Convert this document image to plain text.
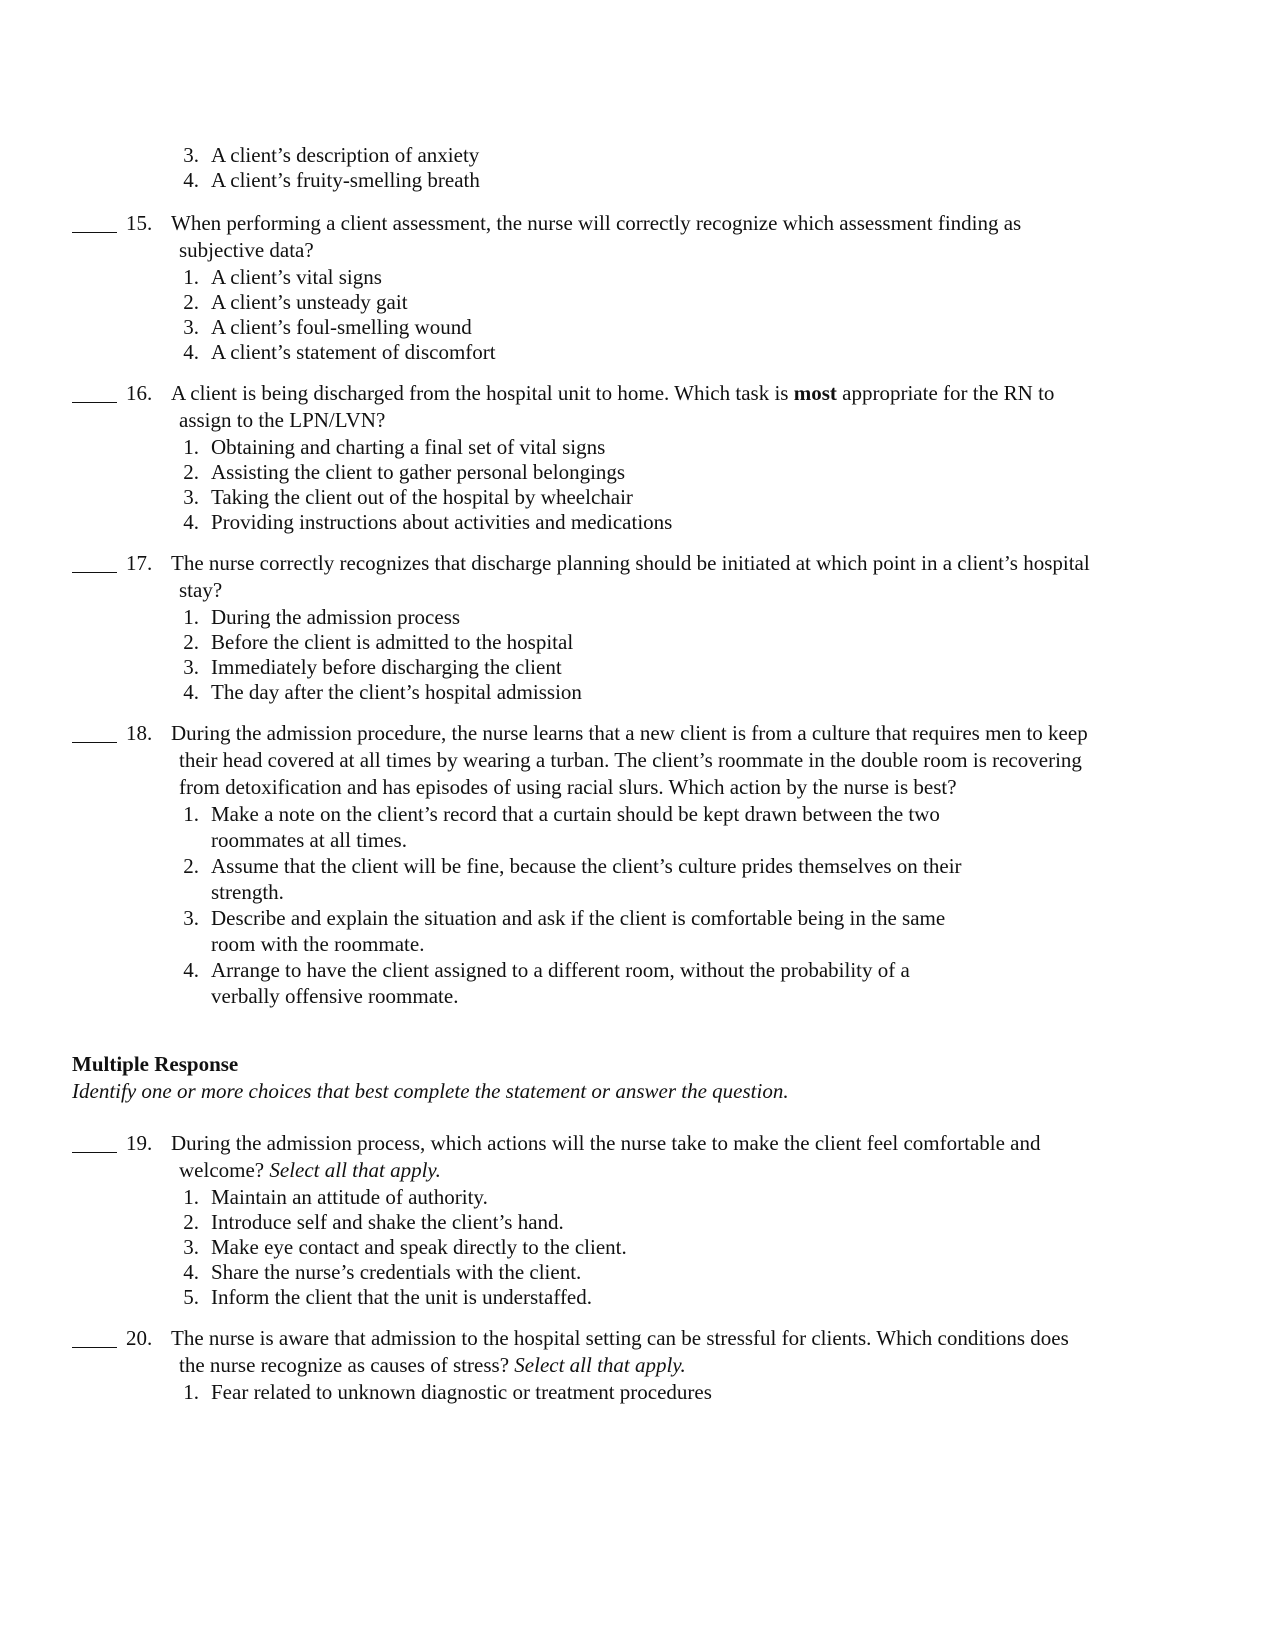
3. A client’s description of anxiety
4. A client’s fruity-smelling breath
15. When performing a client assessment, the nurse will correctly recognize which assessment finding as
subjective data?
1. A client’s vital signs
2. A client’s unsteady gait
3. A client’s foul-smelling wound
4. A client’s statement of discomfort
16. A client is being discharged from the hospital unit to home. Which task is most appropriate for the RN to
assign to the LPN/LVN?
1. Obtaining and charting a final set of vital signs
2. Assisting the client to gather personal belongings
3. Taking the client out of the hospital by wheelchair
4. Providing instructions about activities and medications
17. The nurse correctly recognizes that discharge planning should be initiated at which point in a client’s hospital
stay?
1. During the admission process
2. Before the client is admitted to the hospital
3. Immediately before discharging the client
4. The day after the client’s hospital admission
18. During the admission procedure, the nurse learns that a new client is from a culture that requires men to keep
their head covered at all times by wearing a turban. The client’s roommate in the double room is recovering
from detoxification and has episodes of using racial slurs. Which action by the nurse is best?
1. Make a note on the client’s record that a curtain should be kept drawn between the two
roommates at all times.
2. Assume that the client will be fine, because the client’s culture prides themselves on their
strength.
3. Describe and explain the situation and ask if the client is comfortable being in the same
room with the roommate.
4. Arrange to have the client assigned to a different room, without the probability of a
verbally offensive roommate.
Multiple Response
Identify one or more choices that best complete the statement or answer the question.
19. During the admission process, which actions will the nurse take to make the client feel comfortable and
welcome? Select all that apply.
1. Maintain an attitude of authority.
2. Introduce self and shake the client’s hand.
3. Make eye contact and speak directly to the client.
4. Share the nurse’s credentials with the client.
5. Inform the client that the unit is understaffed.
20. The nurse is aware that admission to the hospital setting can be stressful for clients. Which conditions does
the nurse recognize as causes of stress? Select all that apply.
1. Fear related to unknown diagnostic or treatment procedures
